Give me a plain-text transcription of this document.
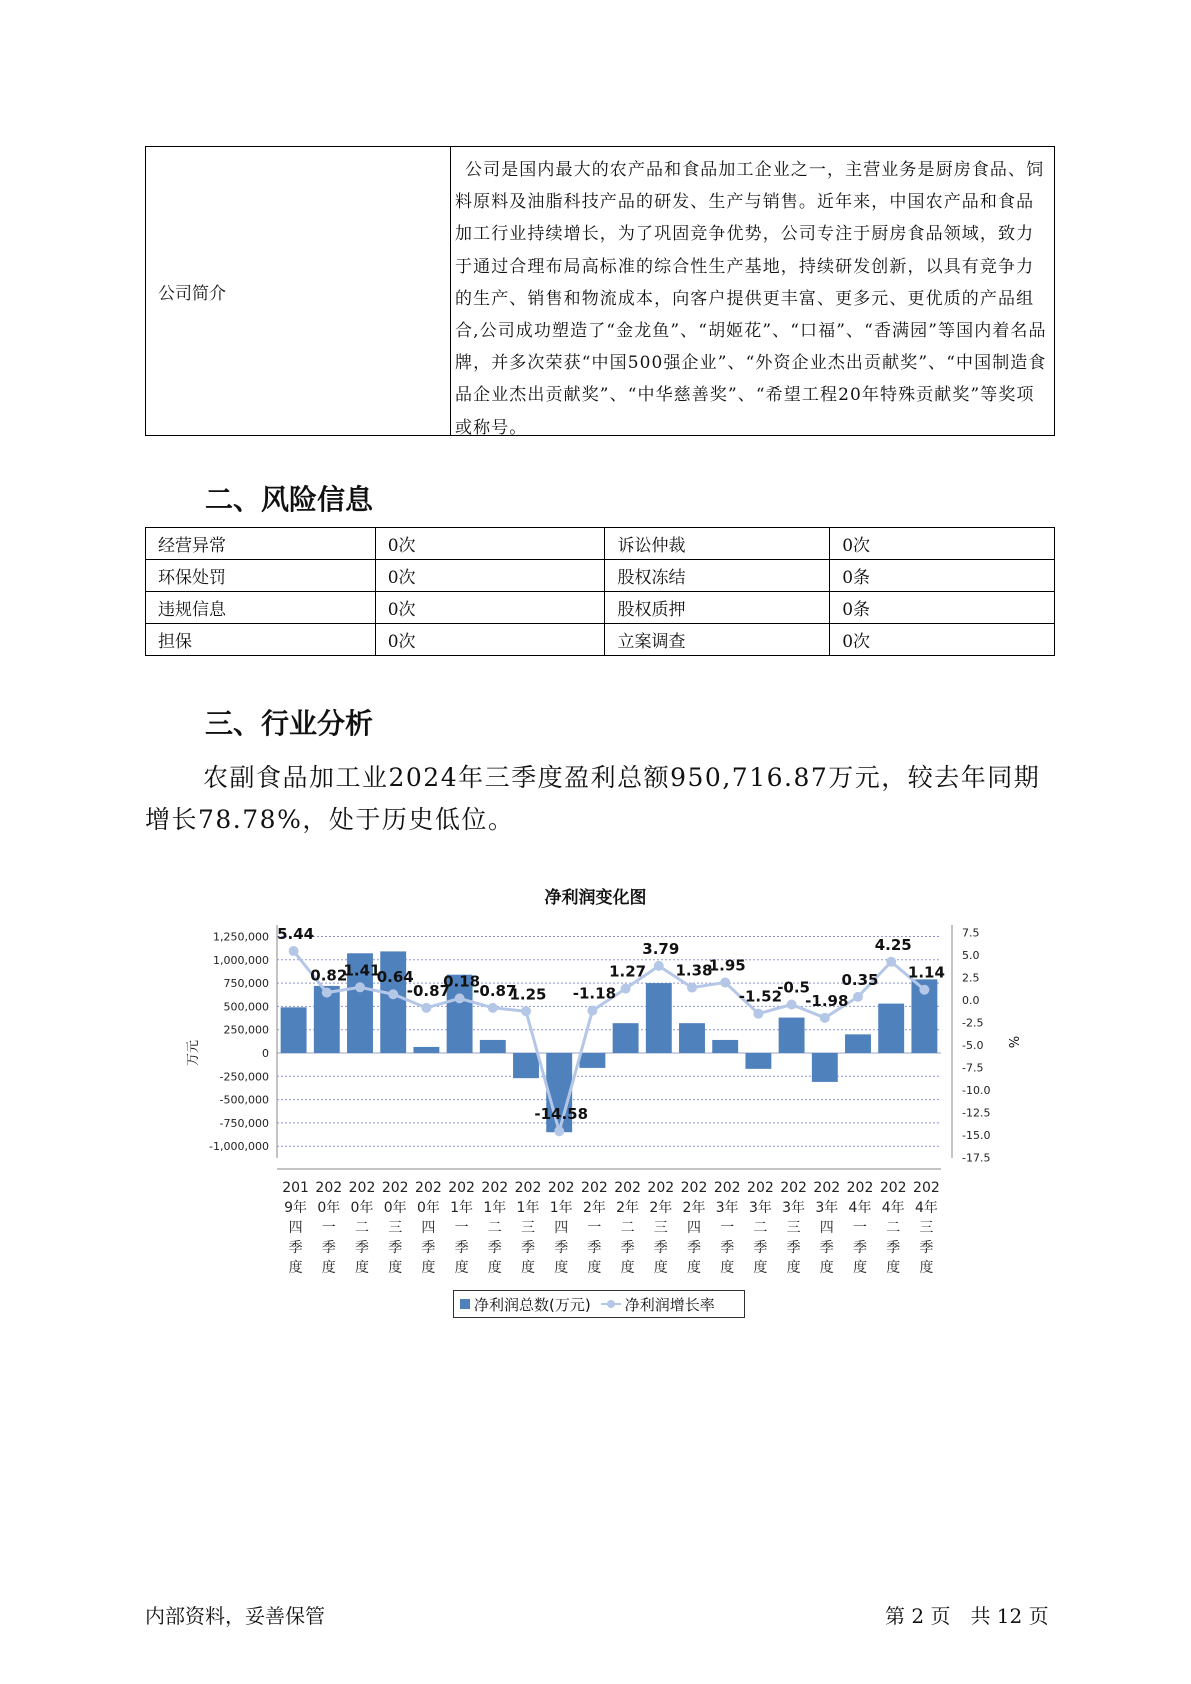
公司简介
公司是国内最大的农产品和食品加工企业之一，主营业务是厨房食品、饲料原料及油脂科技产品的研发、生产与销售。近年来，中国农产品和食品加工行业持续增长，为了巩固竞争优势，公司专注于厨房食品领域，致力于通过合理布局高标准的综合性生产基地，持续研发创新，以具有竞争力的生产、销售和物流成本，向客户提供更丰富、更多元、更优质的产品组合,公司成功塑造了“金龙鱼”、“胡姬花”、“口福”、“香满园”等国内着名品牌，并多次荣获“中国500强企业”、“外资企业杰出贡献奖”、“中国制造食品企业杰出贡献奖”、“中华慈善奖”、“希望工程20年特殊贡献奖”等奖项或称号。
二、风险信息
经营异常	0次	诉讼仲裁	0次
环保处罚	0次	股权冻结	0条
违规信息	0次	股权质押	0条
担保	0次	立案调查	0次
三、行业分析
农副食品加工业2024年三季度盈利总额950,716.87万元，较去年同期增长78.78%，处于历史低位。
净利润变化图
1,250,000
1,000,000
750,000
500,000
250,000
0
-250,000
-500,000
-750,000
-1,000,000
7.5
5.0
2.5
0.0
-2.5
-5.0
-7.5
-10.0
-12.5
-15.0
-17.5
万元	%
201 9年四季度
202 0年一季度
202 0年二季度
202 0年三季度
202 0年四季度
202 1年一季度
202 1年二季度
202 1年三季度
202 1年四季度
202 2年一季度
202 2年二季度
202 2年三季度
202 2年四季度
202 3年一季度
202 3年二季度
202 3年三季度
202 3年四季度
202 4年一季度
202 4年二季度
202 4年三季度
5.44
0.82
1.41
0.64
-0.87
0.18
-0.87
1.25
-14.58
-1.18
1.27
3.79
1.38
1.95
-1.52
-0.5
-1.98
0.35
4.25
1.14
净利润总数(万元) 净利润增长率
内部资料，妥善保管	第 2 页　共 12 页
